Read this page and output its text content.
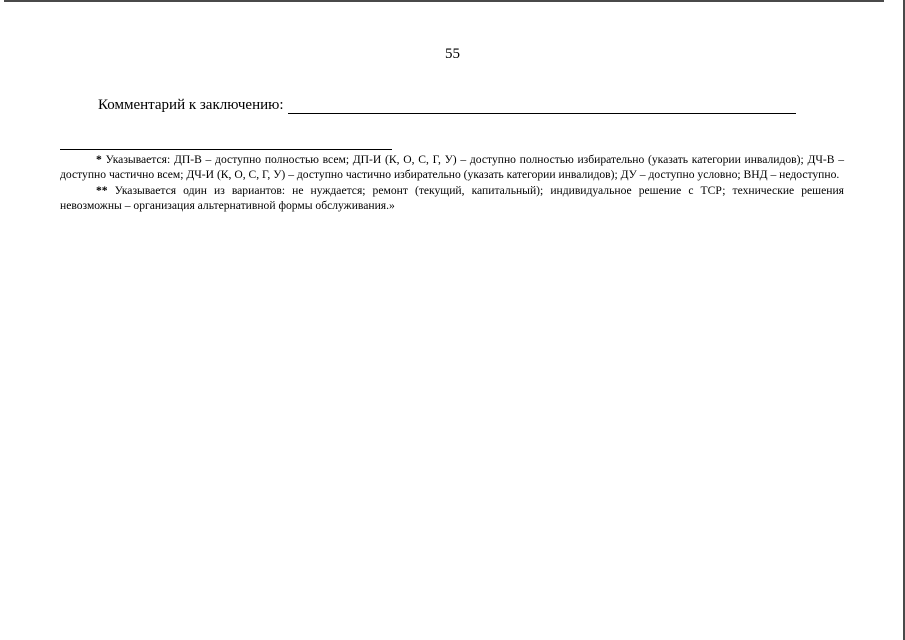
55
Комментарий к заключению:

* Указывается: ДП-В – доступно полностью всем; ДП-И (К, О, С, Г, У) – доступно полностью избирательно (указать категории инвалидов); ДЧ-В – доступно частично всем; ДЧ-И (К, О, С, Г, У) – доступно частично избирательно (указать категории инвалидов); ДУ – доступно условно; ВНД – недоступно.

** Указывается один из вариантов: не нуждается; ремонт (текущий, капитальный); индивидуальное решение с ТСР; технические решения невозможны – организация альтернативной формы обслуживания.»
